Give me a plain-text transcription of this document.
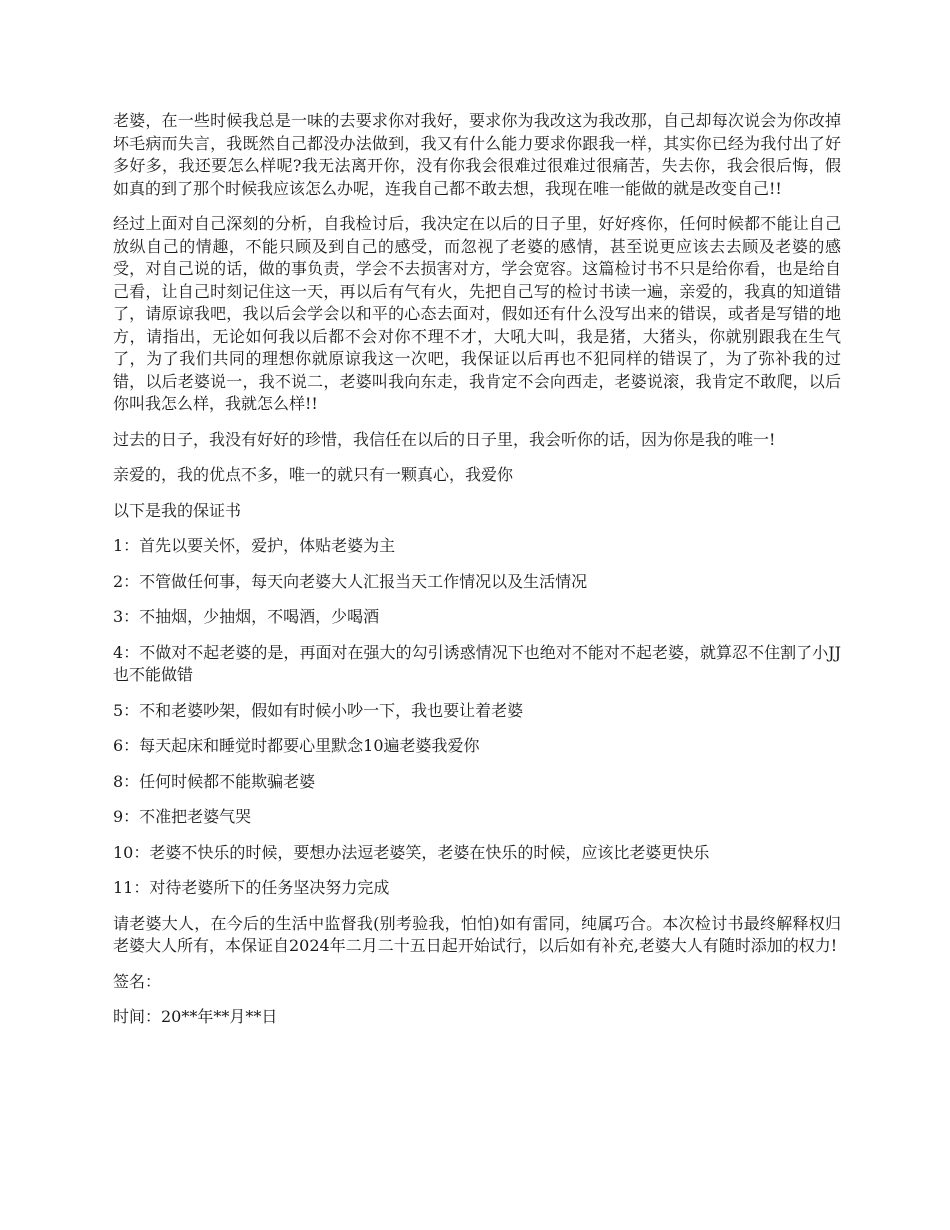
老婆，在一些时候我总是一味的去要求你对我好，要求你为我改这为我改那，自己却每次说会为你改掉坏毛病而失言，我既然自己都没办法做到，我又有什么能力要求你跟我一样，其实你已经为我付出了好多好多，我还要怎么样呢?我无法离开你，没有你我会很难过很难过很痛苦，失去你，我会很后悔，假如真的到了那个时候我应该怎么办呢，连我自己都不敢去想，我现在唯一能做的就是改变自己!!

经过上面对自己深刻的分析，自我检讨后，我决定在以后的日子里，好好疼你，任何时候都不能让自己放纵自己的情趣，不能只顾及到自己的感受，而忽视了老婆的感情，甚至说更应该去去顾及老婆的感受，对自己说的话，做的事负责，学会不去损害对方，学会宽容。这篇检讨书不只是给你看，也是给自己看，让自己时刻记住这一天，再以后有气有火，先把自己写的检讨书读一遍，亲爱的，我真的知道错了，请原谅我吧，我以后会学会以和平的心态去面对，假如还有什么没写出来的错误，或者是写错的地方，请指出，无论如何我以后都不会对你不理不才，大吼大叫，我是猪，大猪头，你就别跟我在生气了，为了我们共同的理想你就原谅我这一次吧，我保证以后再也不犯同样的错误了，为了弥补我的过错，以后老婆说一，我不说二，老婆叫我向东走，我肯定不会向西走，老婆说滚，我肯定不敢爬，以后你叫我怎么样，我就怎么样!!

过去的日子，我没有好好的珍惜，我信任在以后的日子里，我会听你的话，因为你是我的唯一!

亲爱的，我的优点不多，唯一的就只有一颗真心，我爱你

以下是我的保证书

1：首先以要关怀，爱护，体贴老婆为主

2：不管做任何事，每天向老婆大人汇报当天工作情况以及生活情况

3：不抽烟，少抽烟，不喝酒，少喝酒

4：不做对不起老婆的是，再面对在强大的勾引诱惑情况下也绝对不能对不起老婆，就算忍不住割了小JJ也不能做错

5：不和老婆吵架，假如有时候小吵一下，我也要让着老婆

6：每天起床和睡觉时都要心里默念10遍老婆我爱你

8：任何时候都不能欺骗老婆

9：不准把老婆气哭

10：老婆不快乐的时候，要想办法逗老婆笑，老婆在快乐的时候，应该比老婆更快乐

11：对待老婆所下的任务坚决努力完成

请老婆大人，在今后的生活中监督我(别考验我，怕怕)如有雷同，纯属巧合。本次检讨书最终解释权归老婆大人所有，本保证自2024年二月二十五日起开始试行，以后如有补充,老婆大人有随时添加的权力!

签名：

时间：20**年**月**日
